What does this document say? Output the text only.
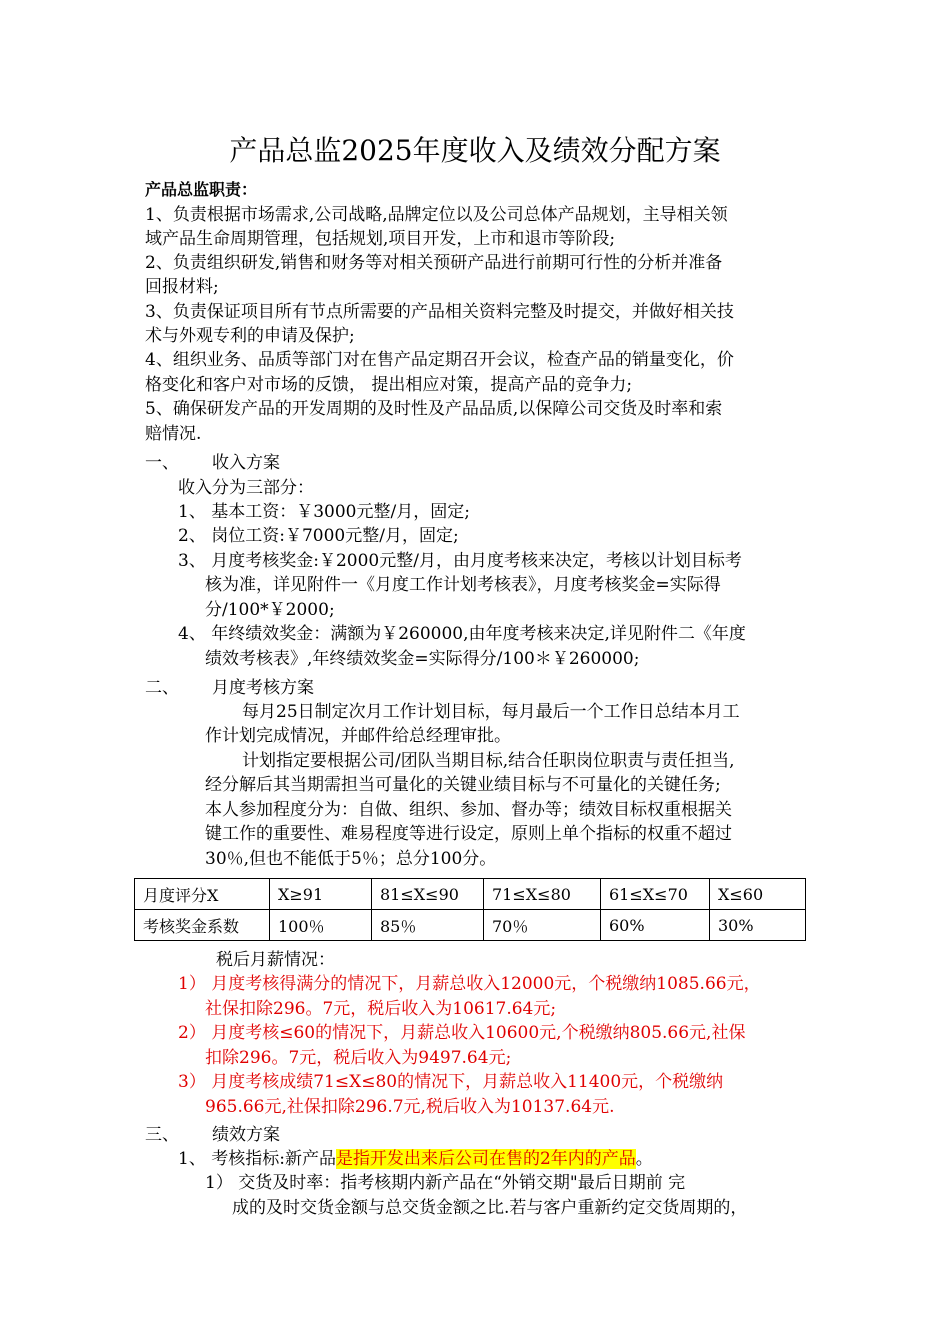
产品总监2025年度收入及绩效分配方案
产品总监职责：
1、负责根据市场需求,公司战略,品牌定位以及公司总体产品规划，主导相关领
域产品生命周期管理，包括规划,项目开发，上市和退市等阶段;
2、负责组织研发,销售和财务等对相关预研产品进行前期可行性的分析并准备
回报材料;
3、负责保证项目所有节点所需要的产品相关资料完整及时提交，并做好相关技
术与外观专利的申请及保护;
4、组织业务、品质等部门对在售产品定期召开会议，检查产品的销量变化，价
格变化和客户对市场的反馈， 提出相应对策，提高产品的竞争力;
5、确保研发产品的开发周期的及时性及产品品质,以保障公司交货及时率和索
赔情况.
一、 收入方案
收入分为三部分：
1、 基本工资：￥3000元整/月，固定;
2、 岗位工资:￥7000元整/月，固定;
3、 月度考核奖金:￥2000元整/月，由月度考核来决定，考核以计划目标考
核为准，详见附件一《月度工作计划考核表》，月度考核奖金=实际得
分/100*￥2000;
4、 年终绩效奖金：满额为￥260000,由年度考核来决定,详见附件二《年度
绩效考核表》,年终绩效奖金=实际得分/100＊￥260000;
二、 月度考核方案
每月25日制定次月工作计划目标，每月最后一个工作日总结本月工
作计划完成情况，并邮件给总经理审批。
计划指定要根据公司/团队当期目标,结合任职岗位职责与责任担当,
经分解后其当期需担当可量化的关键业绩目标与不可量化的关键任务;
本人参加程度分为：自做、组织、参加、督办等；绩效目标权重根据关
键工作的重要性、难易程度等进行设定，原则上单个指标的权重不超过
30％,但也不能低于5％；总分100分。
月度评分X	X≥91	81≤X≤90	71≤X≤80	61≤X≤70	X≤60
考核奖金系数	100％	85％	70％	60%	30%
税后月薪情况：
1） 月度考核得满分的情况下，月薪总收入12000元，个税缴纳1085.66元，
社保扣除296。7元，税后收入为10617.64元;
2） 月度考核≤60的情况下，月薪总收入10600元,个税缴纳805.66元,社保
扣除296。7元，税后收入为9497.64元;
3） 月度考核成绩71≤X≤80的情况下，月薪总收入11400元，个税缴纳
965.66元,社保扣除296.7元,税后收入为10137.64元.
三、 绩效方案
1、 考核指标:新产品是指开发出来后公司在售的2年内的产品。
1） 交货及时率：指考核期内新产品在“外销交期"最后日期前 完
成的及时交货金额与总交货金额之比.若与客户重新约定交货周期的，
